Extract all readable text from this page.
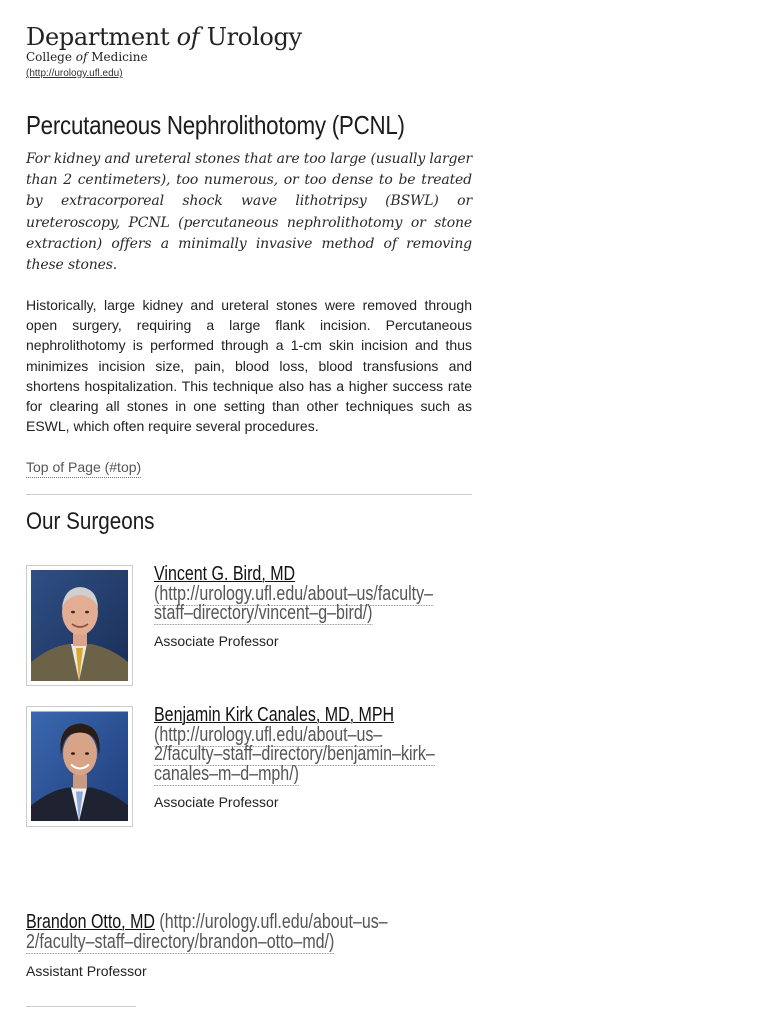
Department of Urology
College of Medicine
(http://urology.ufl.edu)
Percutaneous Nephrolithotomy (PCNL)

For kidney and ureteral stones that are too large (usually larger than 2 centimeters), too numerous, or too dense to be treated by extracorporeal shock wave lithotripsy (BSWL) or ureteroscopy, PCNL (percutaneous nephrolithotomy or stone extraction) offers a minimally invasive method of removing these stones.

Historically, large kidney and ureteral stones were removed through open surgery, requiring a large flank incision. Percutaneous nephrolithotomy is performed through a 1-cm skin incision and thus minimizes incision size, pain, blood loss, blood transfusions and shortens hospitalization. This technique also has a higher success rate for clearing all stones in one setting than other techniques such as ESWL, which often require several procedures.

Top of Page (#top)
Our Surgeons
Vincent G. Bird, MD
(http://urology.ufl.edu/about–us/faculty–
staff–directory/vincent–g–bird/)
Associate Professor
Benjamin Kirk Canales, MD, MPH
(http://urology.ufl.edu/about–us–
2/faculty–staff–directory/benjamin–kirk–
canales–m–d–mph/)
Associate Professor
Brandon Otto, MD (http://urology.ufl.edu/about–us–
2/faculty–staff–directory/brandon–otto–md/)
Assistant Professor
